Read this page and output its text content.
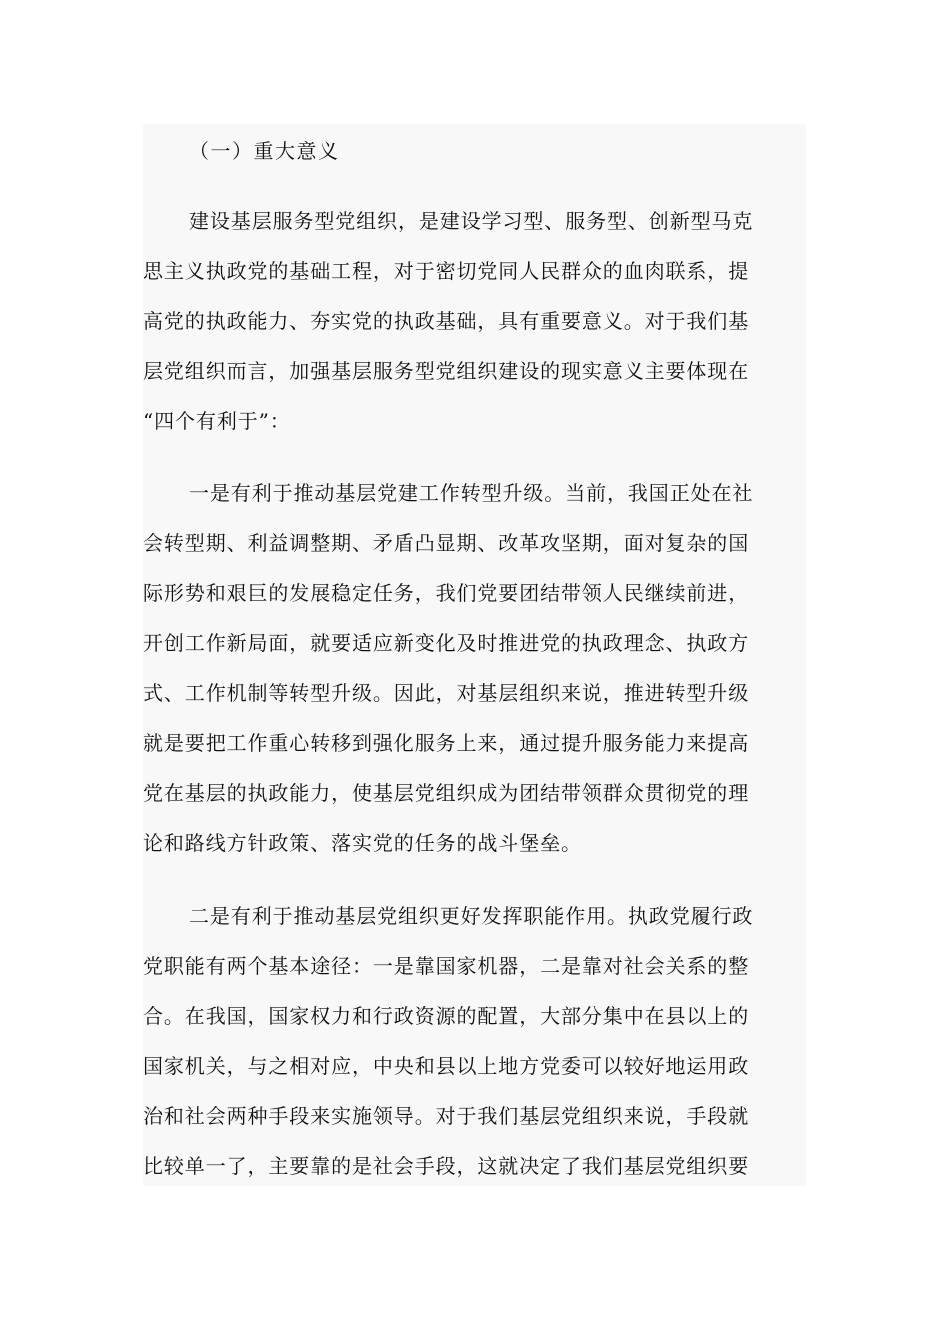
（一）重大意义
建设基层服务型党组织，是建设学习型、服务型、创新型马克
思主义执政党的基础工程，对于密切党同人民群众的血肉联系，提
高党的执政能力、夯实党的执政基础，具有重要意义。对于我们基
层党组织而言，加强基层服务型党组织建设的现实意义主要体现在
“四个有利于”：
一是有利于推动基层党建工作转型升级。当前，我国正处在社
会转型期、利益调整期、矛盾凸显期、改革攻坚期，面对复杂的国
际形势和艰巨的发展稳定任务，我们党要团结带领人民继续前进，
开创工作新局面，就要适应新变化及时推进党的执政理念、执政方
式、工作机制等转型升级。因此，对基层组织来说，推进转型升级
就是要把工作重心转移到强化服务上来，通过提升服务能力来提高
党在基层的执政能力，使基层党组织成为团结带领群众贯彻党的理
论和路线方针政策、落实党的任务的战斗堡垒。
二是有利于推动基层党组织更好发挥职能作用。执政党履行政
党职能有两个基本途径：一是靠国家机器，二是靠对社会关系的整
合。在我国，国家权力和行政资源的配置，大部分集中在县以上的
国家机关，与之相对应，中央和县以上地方党委可以较好地运用政
治和社会两种手段来实施领导。对于我们基层党组织来说，手段就
比较单一了，主要靠的是社会手段，这就决定了我们基层党组织要
